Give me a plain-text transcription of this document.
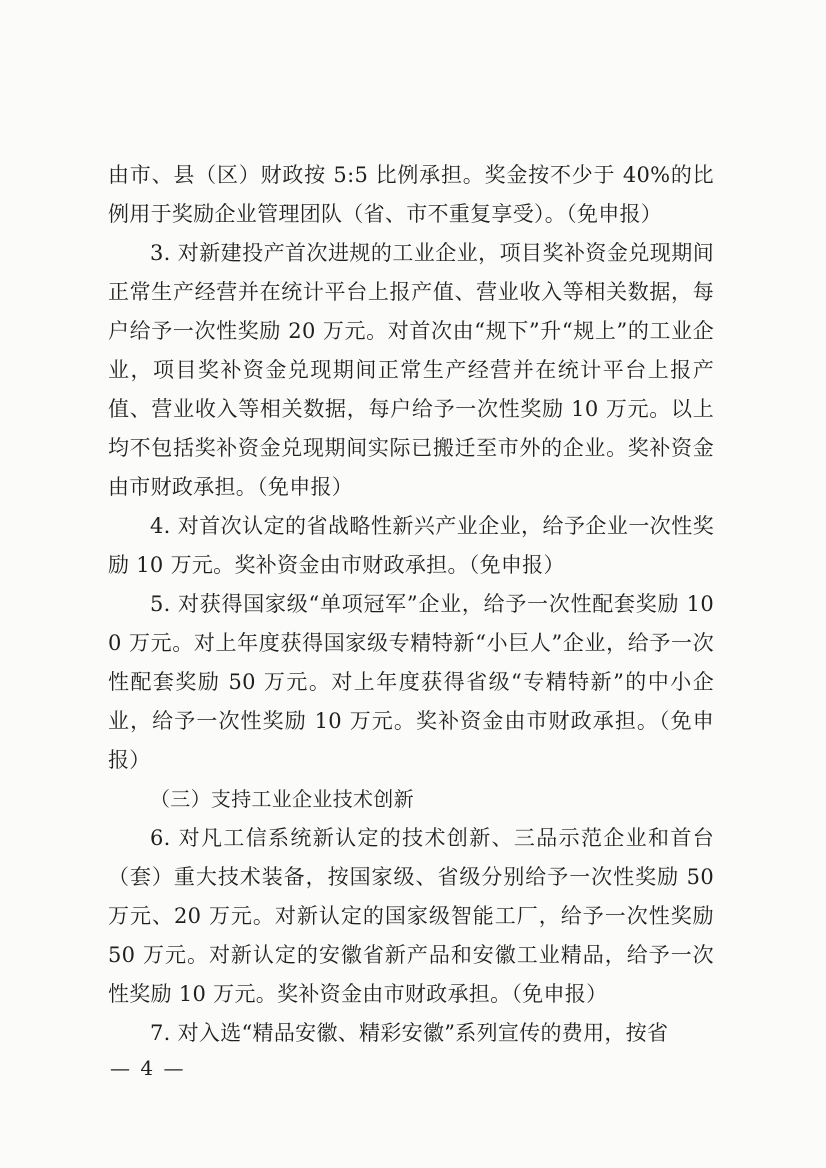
由市、县（区）财政按 5:5 比例承担。奖金按不少于 40%的比例用于奖励企业管理团队（省、市不重复享受）。（免申报）

3. 对新建投产首次进规的工业企业，项目奖补资金兑现期间正常生产经营并在统计平台上报产值、营业收入等相关数据，每户给予一次性奖励 20 万元。对首次由“规下”升“规上”的工业企业，项目奖补资金兑现期间正常生产经营并在统计平台上报产值、营业收入等相关数据，每户给予一次性奖励 10 万元。以上均不包括奖补资金兑现期间实际已搬迁至市外的企业。奖补资金由市财政承担。（免申报）

4. 对首次认定的省战略性新兴产业企业，给予企业一次性奖励 10 万元。奖补资金由市财政承担。（免申报）

5. 对获得国家级“单项冠军”企业，给予一次性配套奖励 100 万元。对上年度获得国家级专精特新“小巨人”企业，给予一次性配套奖励 50 万元。对上年度获得省级“专精特新”的中小企业，给予一次性奖励 10 万元。奖补资金由市财政承担。（免申报）

（三）支持工业企业技术创新

6. 对凡工信系统新认定的技术创新、三品示范企业和首台（套）重大技术装备，按国家级、省级分别给予一次性奖励 50 万元、20 万元。对新认定的国家级智能工厂，给予一次性奖励 50 万元。对新认定的安徽省新产品和安徽工业精品，给予一次性奖励 10 万元。奖补资金由市财政承担。（免申报）

7. 对入选“精品安徽、精彩安徽”系列宣传的费用，按省

— 4 —
